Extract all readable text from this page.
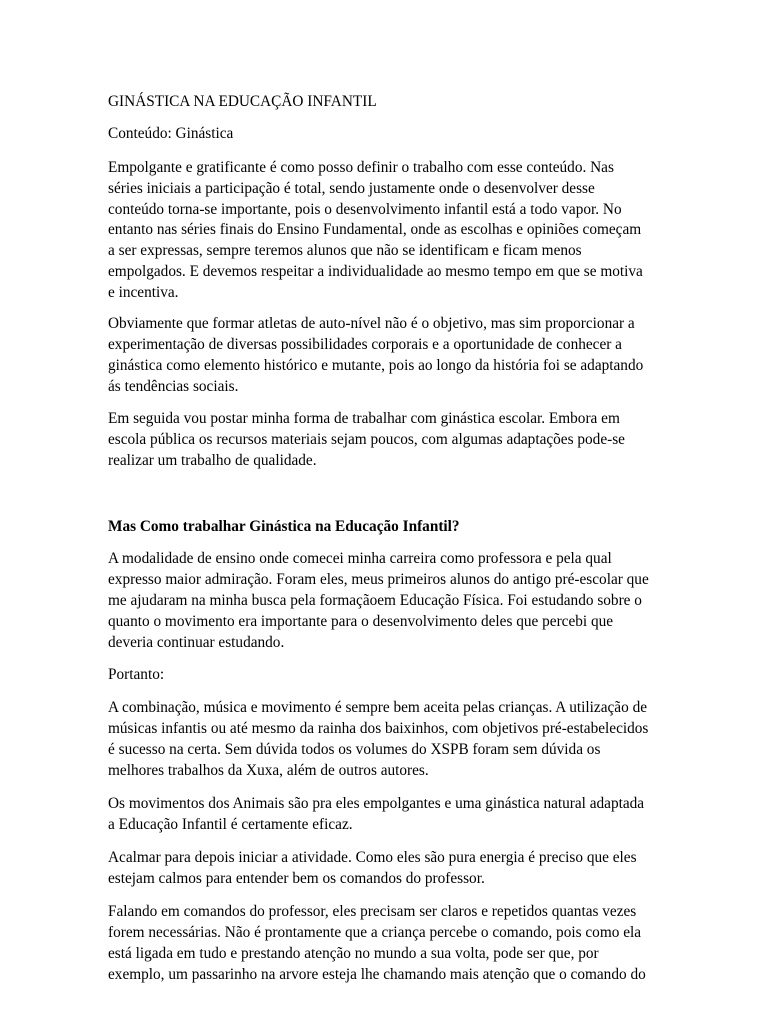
GINÁSTICA NA EDUCAÇÃO INFANTIL

Conteúdo: Ginástica

Empolgante e gratificante é como posso definir o trabalho com esse conteúdo. Nas

séries iniciais a participação é total, sendo justamente onde o desenvolver desse

conteúdo torna-se importante, pois o desenvolvimento infantil está a todo vapor. No

entanto nas séries finais do Ensino Fundamental, onde as escolhas e opiniões começam

a ser expressas, sempre teremos alunos que não se identificam e ficam menos

empolgados. E devemos respeitar a individualidade ao mesmo tempo em que se motiva

e incentiva.

Obviamente que formar atletas de auto-nível não é o objetivo, mas sim proporcionar a

experimentação de diversas possibilidades corporais e a oportunidade de conhecer a

ginástica como elemento histórico e mutante, pois ao longo da história foi se adaptando

ás tendências sociais.

Em seguida vou postar minha forma de trabalhar com ginástica escolar. Embora em

escola pública os recursos materiais sejam poucos, com algumas adaptações pode-se

realizar um trabalho de qualidade.

Mas Como trabalhar Ginástica na Educação Infantil?

A modalidade de ensino onde comecei minha carreira como professora e pela qual

expresso maior admiração. Foram eles, meus primeiros alunos do antigo pré-escolar que

me ajudaram na minha busca pela formaçãoem Educação Física. Foi estudando sobre o

quanto o movimento era importante para o desenvolvimento deles que percebi que

deveria continuar estudando.

Portanto:

A combinação, música e movimento é sempre bem aceita pelas crianças. A utilização de

músicas infantis ou até mesmo da rainha dos baixinhos, com objetivos pré-estabelecidos

é sucesso na certa. Sem dúvida todos os volumes do XSPB foram sem dúvida os

melhores trabalhos da Xuxa, além de outros autores.

Os movimentos dos Animais são pra eles empolgantes e uma ginástica natural adaptada

a Educação Infantil é certamente eficaz.

Acalmar para depois iniciar a atividade. Como eles são pura energia é preciso que eles

estejam calmos para entender bem os comandos do professor.

Falando em comandos do professor, eles precisam ser claros e repetidos quantas vezes

forem necessárias. Não é prontamente que a criança percebe o comando, pois como ela

está ligada em tudo e prestando atenção no mundo a sua volta, pode ser que, por

exemplo, um passarinho na arvore esteja lhe chamando mais atenção que o comando do
